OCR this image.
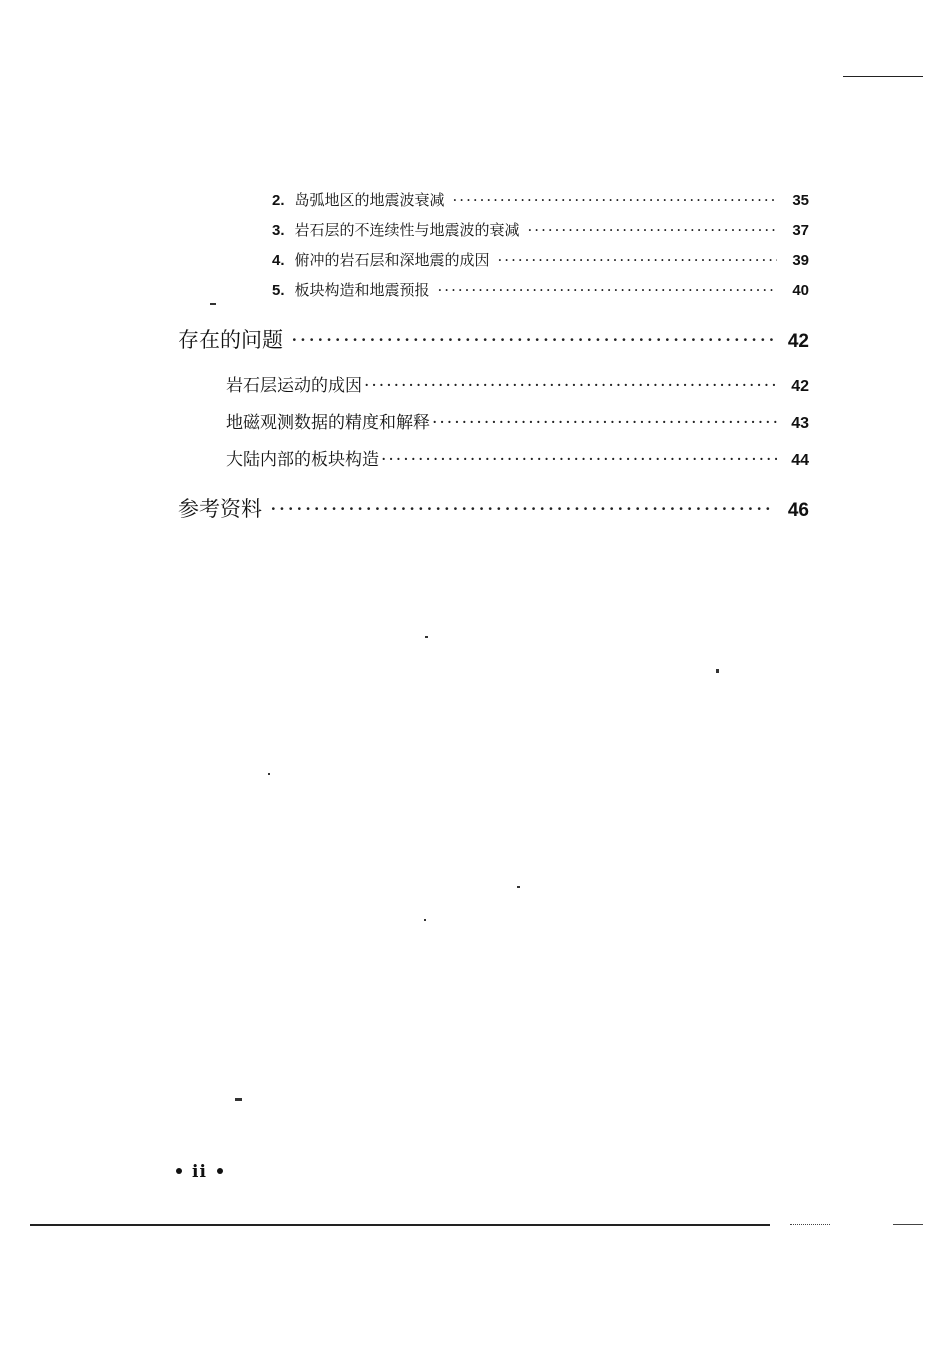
2. 岛弧地区的地震波衰减 ·····	35
3. 岩石层的不连续性与地震波的衰减 ·····	37
4. 俯冲的岩石层和深地震的成因 ·····	39
5. 板块构造和地震预报 ·····	40
存在的问题 ·····	42
岩石层运动的成因 ·····	42
地磁观测数据的精度和解释 ·····	43
大陆内部的板块构造 ·····	44
参考资料 ·····	46
ii
